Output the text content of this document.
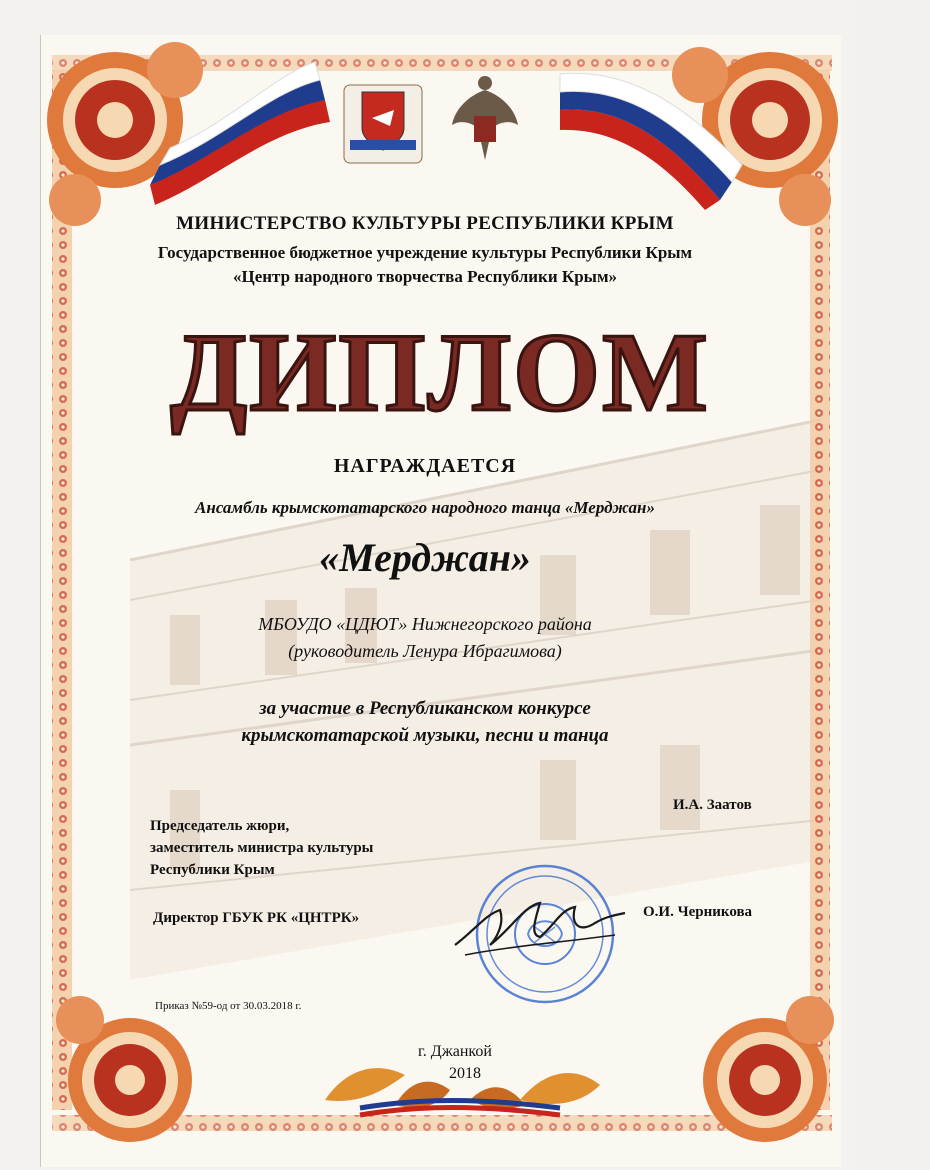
МИНИСТЕРСТВО КУЛЬТУРЫ РЕСПУБЛИКИ КРЫМ
Государственное бюджетное учреждение культуры Республики Крым
«Центр народного творчества Республики Крым»
ДИПЛОМ
НАГРАЖДАЕТСЯ
Ансамбль крымскотатарского народного танца «Мерджан»
«Мерджан»
МБОУДО «ЦДЮТ» Нижнегорского района
(руководитель Ленура Ибрагимова)
за участие в Республиканском конкурсе
крымскотатарской музыки, песни и танца
Председатель жюри,
заместитель министра культуры
Республики Крым
И.А. Заатов
Директор ГБУК РК «ЦНТРК»	О.И. Черникова
Приказ №59-од от 30.03.2018 г.
г. Джанкой
2018
